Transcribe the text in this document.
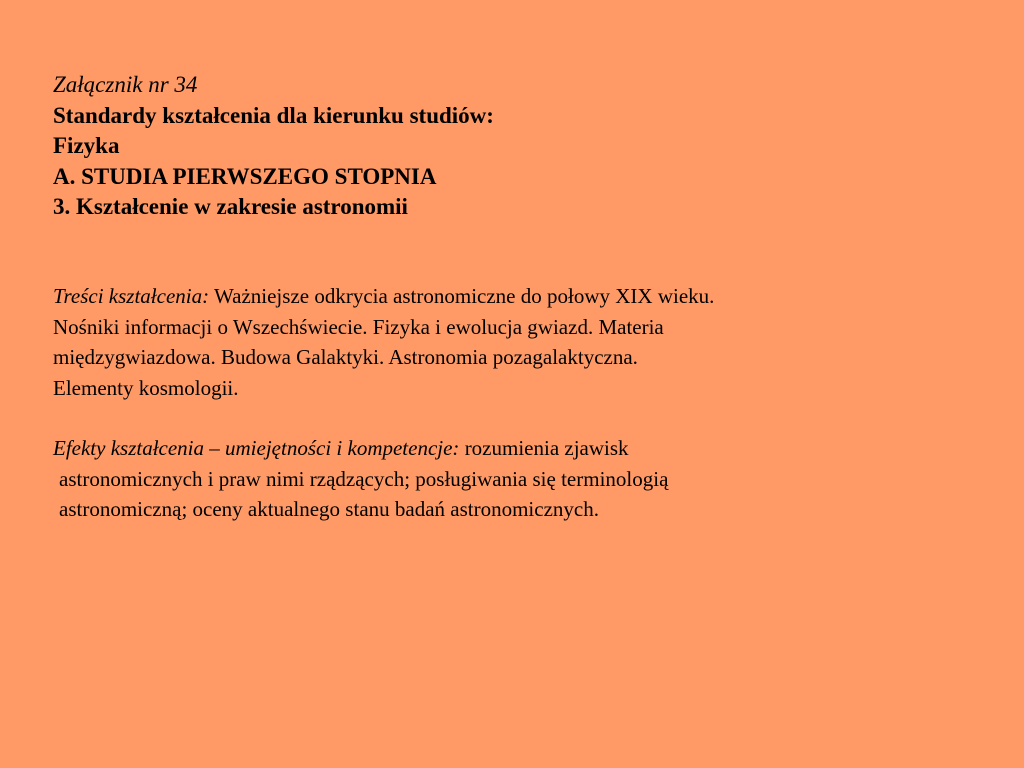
Załącznik nr 34
Standardy kształcenia dla kierunku studiów:
Fizyka
A. STUDIA PIERWSZEGO STOPNIA
3. Kształcenie w zakresie astronomii
Treści kształcenia: Ważniejsze odkrycia astronomiczne do połowy XIX wieku.
Nośniki informacji o Wszechświecie. Fizyka i ewolucja gwiazd. Materia
międzygwiazdowa. Budowa Galaktyki. Astronomia pozagalaktyczna.
Elementy kosmologii.
Efekty kształcenia – umiejętności i kompetencje: rozumienia zjawisk
astronomicznych i praw nimi rządzących; posługiwania się terminologią
astronomiczną; oceny aktualnego stanu badań astronomicznych.
